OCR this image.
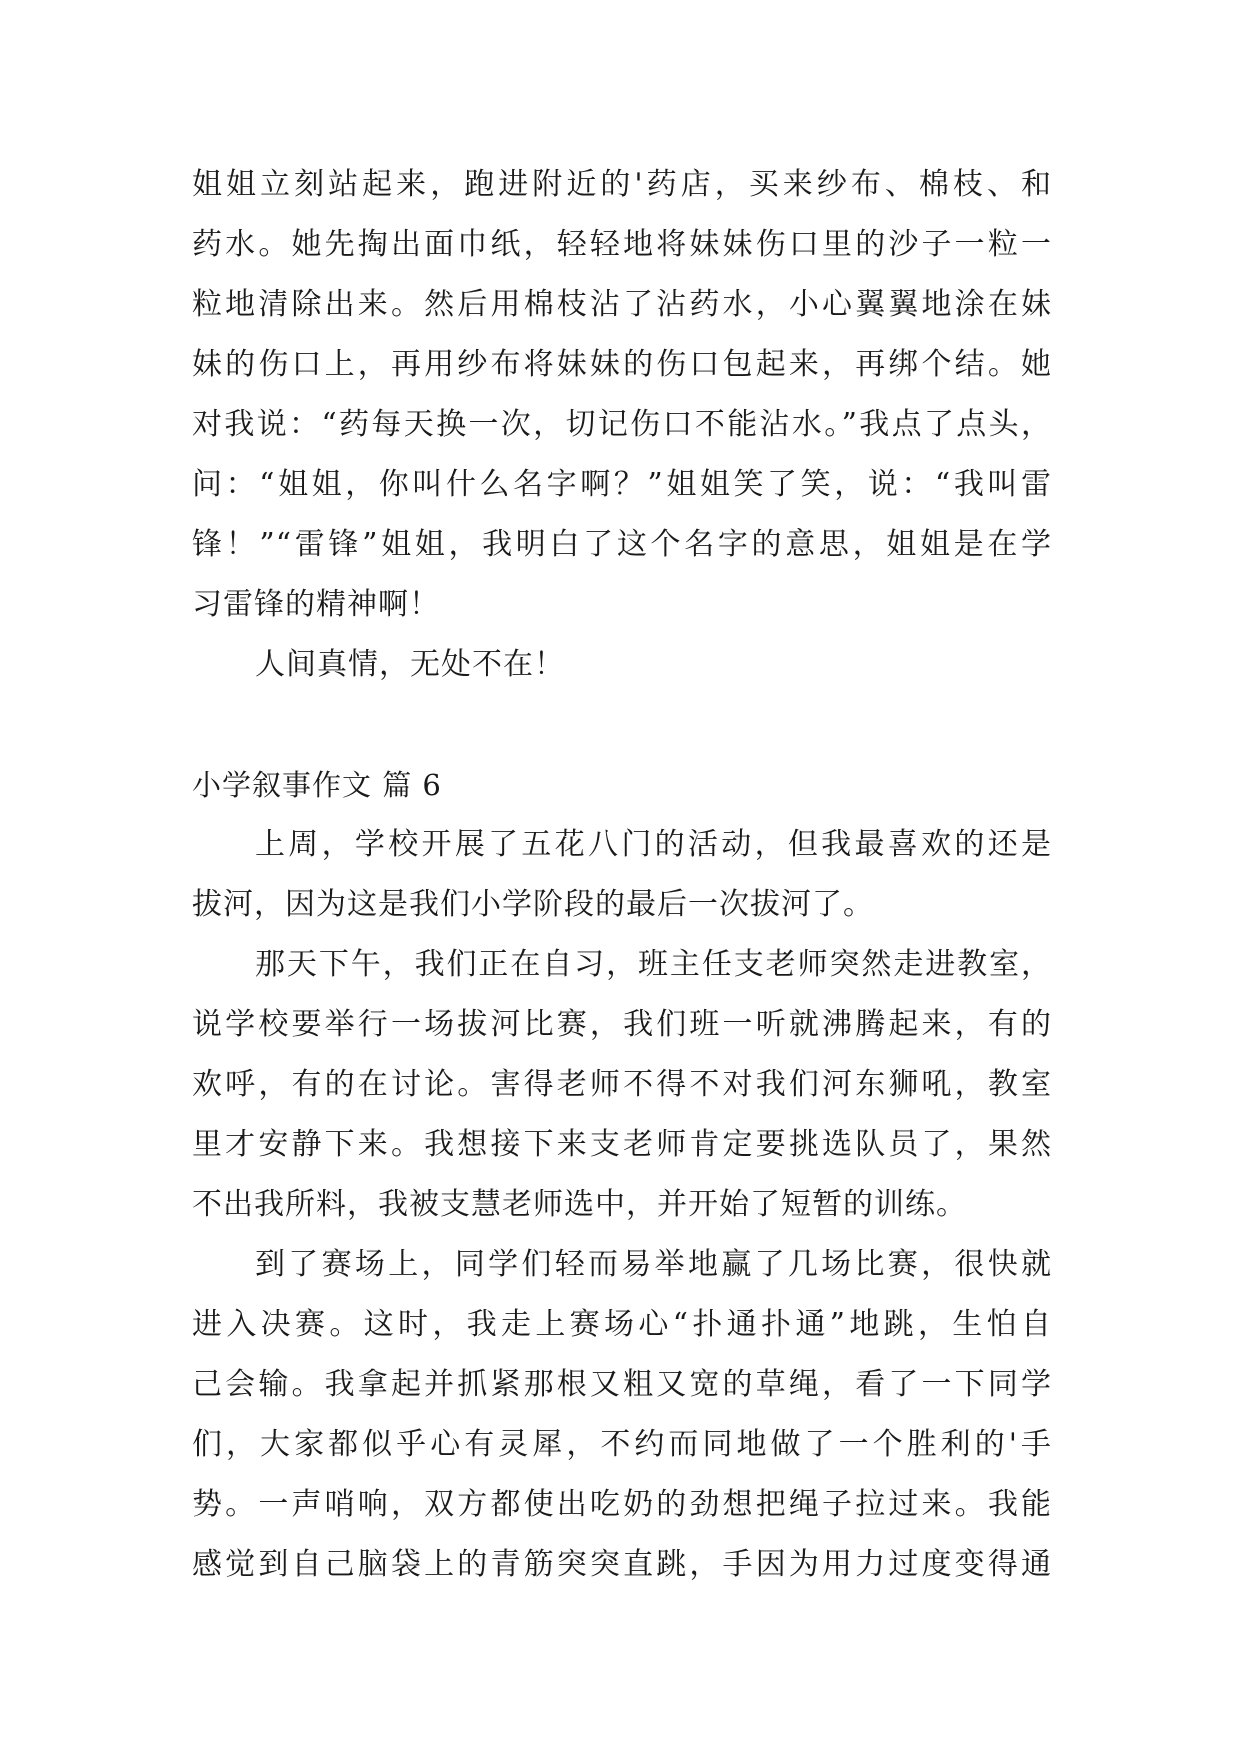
姐姐立刻站起来，跑进附近的'药店，买来纱布、棉枝、和
药水。她先掏出面巾纸，轻轻地将妹妹伤口里的沙子一粒一
粒地清除出来。然后用棉枝沾了沾药水，小心翼翼地涂在妹
妹的伤口上，再用纱布将妹妹的伤口包起来，再绑个结。她
对我说：“药每天换一次，切记伤口不能沾水。”我点了点头，
问：“姐姐，你叫什么名字啊？”姐姐笑了笑，说：“我叫雷
锋！”“雷锋”姐姐，我明白了这个名字的意思，姐姐是在学
习雷锋的精神啊！
人间真情，无处不在！
小学叙事作文 篇 6
上周，学校开展了五花八门的活动，但我最喜欢的还是
拔河，因为这是我们小学阶段的最后一次拔河了。
那天下午，我们正在自习，班主任支老师突然走进教室，
说学校要举行一场拔河比赛，我们班一听就沸腾起来，有的
欢呼，有的在讨论。害得老师不得不对我们河东狮吼，教室
里才安静下来。我想接下来支老师肯定要挑选队员了，果然
不出我所料，我被支慧老师选中，并开始了短暂的训练。
到了赛场上，同学们轻而易举地赢了几场比赛，很快就
进入决赛。这时，我走上赛场心“扑通扑通”地跳，生怕自
己会输。我拿起并抓紧那根又粗又宽的草绳，看了一下同学
们，大家都似乎心有灵犀，不约而同地做了一个胜利的'手
势。一声哨响，双方都使出吃奶的劲想把绳子拉过来。我能
感觉到自己脑袋上的青筋突突直跳，手因为用力过度变得通
